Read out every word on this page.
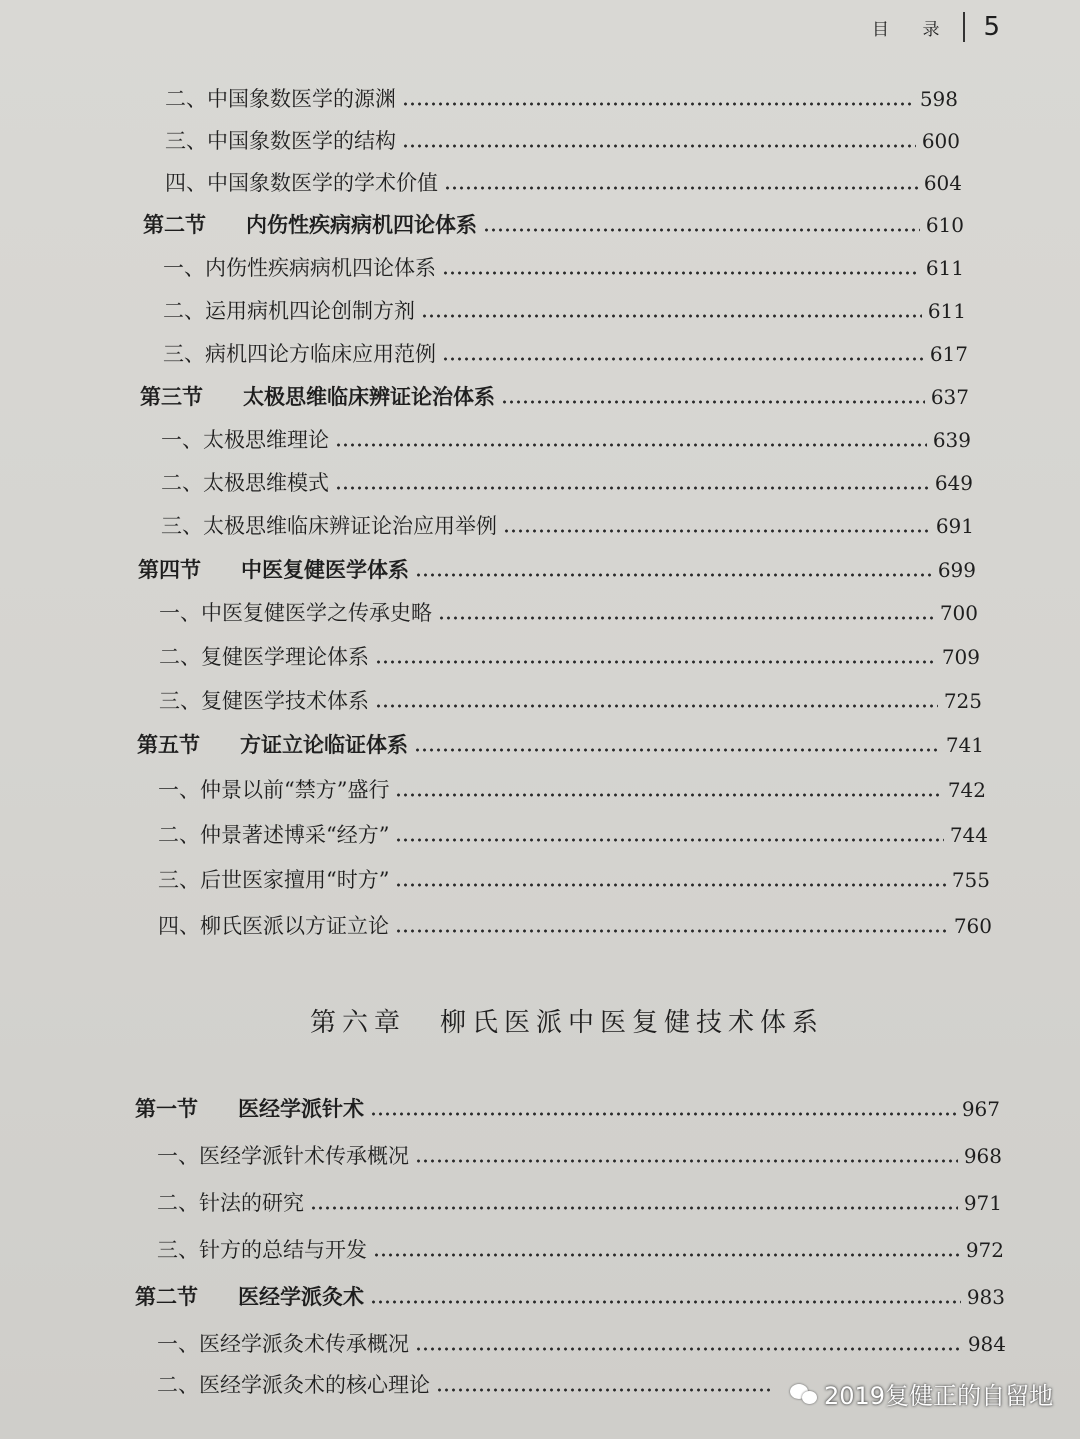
目 录 5
二、中国象数医学的源渊	598
三、中国象数医学的结构	600
四、中国象数医学的学术价值	604
第二节 内伤性疾病病机四论体系	610
一、内伤性疾病病机四论体系	611
二、运用病机四论创制方剂	611
三、病机四论方临床应用范例	617
第三节 太极思维临床辨证论治体系	637
一、太极思维理论	639
二、太极思维模式	649
三、太极思维临床辨证论治应用举例	691
第四节 中医复健医学体系	699
一、中医复健医学之传承史略	700
二、复健医学理论体系	709
三、复健医学技术体系	725
第五节 方证立论临证体系	741
一、仲景以前“禁方”盛行	742
二、仲景著述博采“经方”	744
三、后世医家擅用“时方”	755
四、柳氏医派以方证立论	760
第六章 柳氏医派中医复健技术体系
第一节 医经学派针术	967
一、医经学派针术传承概况	968
二、针法的研究	971
三、针方的总结与开发	972
第二节 医经学派灸术	983
一、医经学派灸术传承概况	984
二、医经学派灸术的核心理论	2019复健正的自留地
